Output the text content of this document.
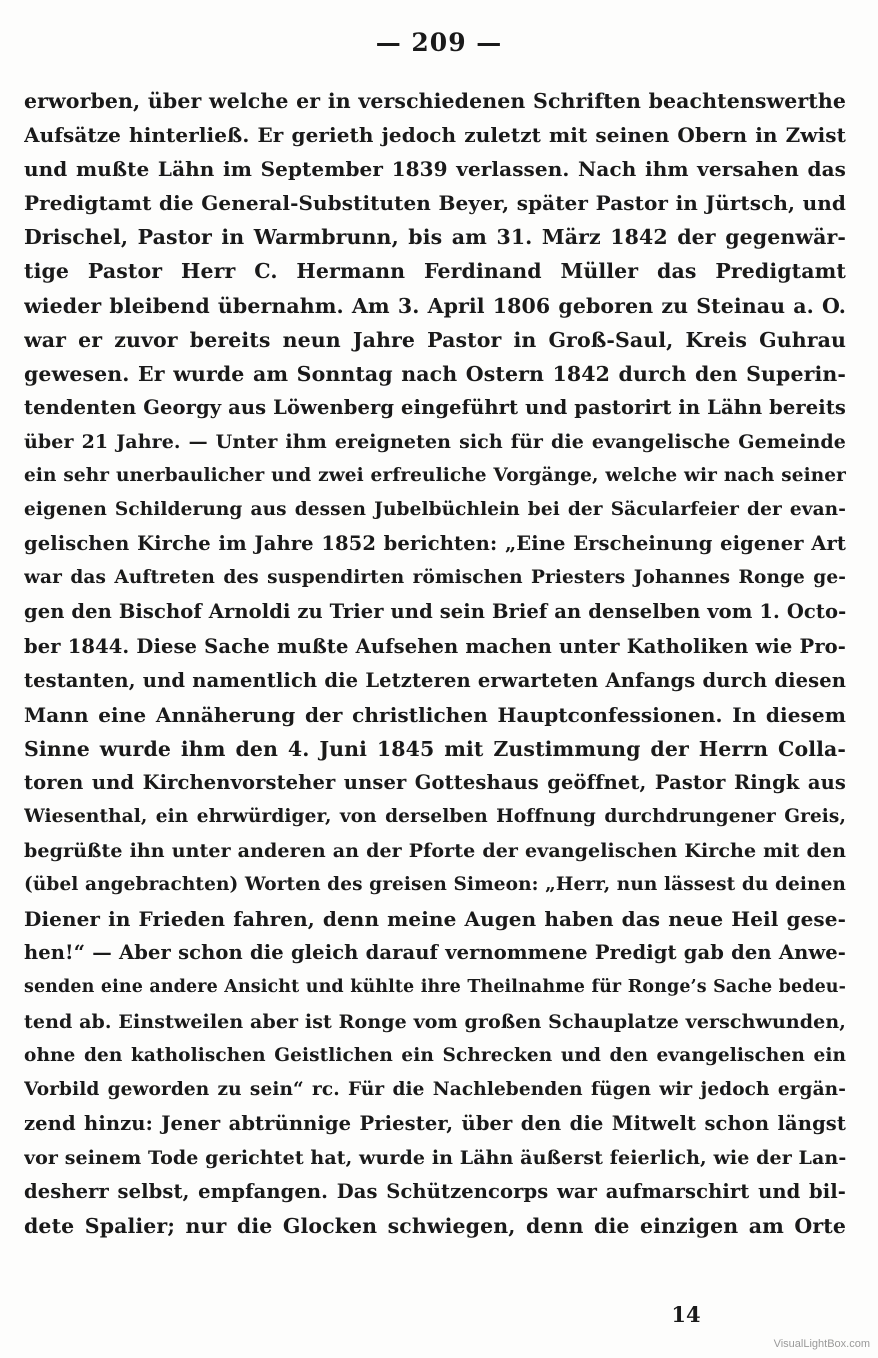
— 209 —
erworben, über welche er in verschiedenen Schriften beachtenswerthe
Aufsätze hinterließ. Er gerieth jedoch zuletzt mit seinen Obern in Zwist
und mußte Lähn im September 1839 verlassen. Nach ihm versahen das
Predigtamt die General-Substituten Beyer, später Pastor in Jürtsch, und
Drischel, Pastor in Warmbrunn, bis am 31. März 1842 der gegenwär-
tige Pastor Herr C. Hermann Ferdinand Müller das Predigtamt
wieder bleibend übernahm. Am 3. April 1806 geboren zu Steinau a. O.
war er zuvor bereits neun Jahre Pastor in Groß-Saul, Kreis Guhrau
gewesen. Er wurde am Sonntag nach Ostern 1842 durch den Superin-
tendenten Georgy aus Löwenberg eingeführt und pastorirt in Lähn bereits
über 21 Jahre. — Unter ihm ereigneten sich für die evangelische Gemeinde
ein sehr unerbaulicher und zwei erfreuliche Vorgänge, welche wir nach seiner
eigenen Schilderung aus dessen Jubelbüchlein bei der Säcularfeier der evan-
gelischen Kirche im Jahre 1852 berichten: „Eine Erscheinung eigener Art
war das Auftreten des suspendirten römischen Priesters Johannes Ronge ge-
gen den Bischof Arnoldi zu Trier und sein Brief an denselben vom 1. Octo-
ber 1844. Diese Sache mußte Aufsehen machen unter Katholiken wie Pro-
testanten, und namentlich die Letzteren erwarteten Anfangs durch diesen
Mann eine Annäherung der christlichen Hauptconfessionen. In diesem
Sinne wurde ihm den 4. Juni 1845 mit Zustimmung der Herrn Colla-
toren und Kirchenvorsteher unser Gotteshaus geöffnet, Pastor Ringk aus
Wiesenthal, ein ehrwürdiger, von derselben Hoffnung durchdrungener Greis,
begrüßte ihn unter anderen an der Pforte der evangelischen Kirche mit den
(übel angebrachten) Worten des greisen Simeon: „Herr, nun lässest du deinen
Diener in Frieden fahren, denn meine Augen haben das neue Heil gese-
hen!“ — Aber schon die gleich darauf vernommene Predigt gab den Anwe-
senden eine andere Ansicht und kühlte ihre Theilnahme für Ronge’s Sache bedeu-
tend ab. Einstweilen aber ist Ronge vom großen Schauplatze verschwunden,
ohne den katholischen Geistlichen ein Schrecken und den evangelischen ein
Vorbild geworden zu sein“ rc. Für die Nachlebenden fügen wir jedoch ergän-
zend hinzu: Jener abtrünnige Priester, über den die Mitwelt schon längst
vor seinem Tode gerichtet hat, wurde in Lähn äußerst feierlich, wie der Lan-
desherr selbst, empfangen. Das Schützencorps war aufmarschirt und bil-
dete Spalier; nur die Glocken schwiegen, denn die einzigen am Orte
14
VisualLightBox.com
